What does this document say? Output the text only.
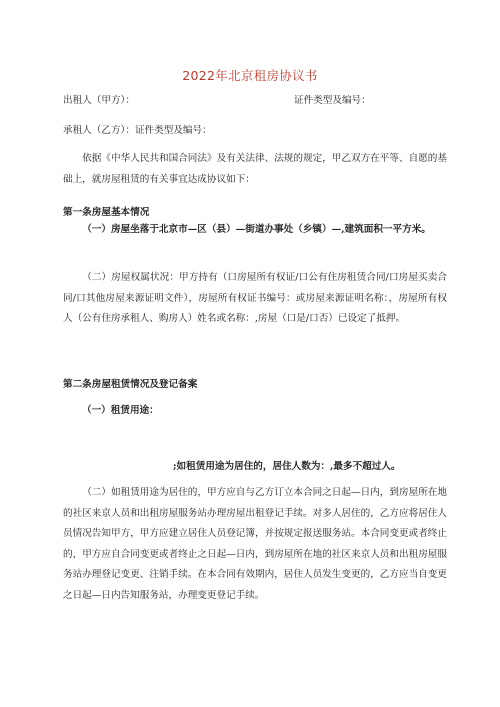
2022年北京租房协议书
出租人（甲方）：	证件类型及编号：
承租人（乙方）：证件类型及编号：
依据《中华人民共和国合同法》及有关法律、法规的规定，甲乙双方在平等、自愿的基础上，就房屋租赁的有关事宜达成协议如下：
第一条房屋基本情况
（一）房屋坐落于北京市—区（县）—街道办事处（乡镇）—,建筑面积一平方米。
（二）房屋权属状况：甲方持有（口房屋所有权证/口公有住房租赁合同/口房屋买卖合同/口其他房屋来源证明文件），房屋所有权证书编号：或房屋来源证明名称：，房屋所有权人（公有住房承租人、购房人）姓名或名称：,房屋（口是/口否）已设定了抵押。
第二条房屋租赁情况及登记备案
（一）租赁用途：
;如租赁用途为居住的，居住人数为：,最多不超过人。
（二）如租赁用途为居住的，甲方应自与乙方订立本合同之日起—日内，到房屋所在地的社区来京人员和出租房屋服务站办理房屋出租登记手续。对多人居住的，乙方应将居住人员情况告知甲方，甲方应建立居住人员登记簿，并按规定报送服务站。本合同变更或者终止的，甲方应自合同变更或者终止之日起—日内，到房屋所在地的社区来京人员和出租房屋服务站办理登记变更、注销手续。在本合同有效期内，居住人员发生变更的，乙方应当自变更之日起—日内告知服务站，办理变更登记手续。
